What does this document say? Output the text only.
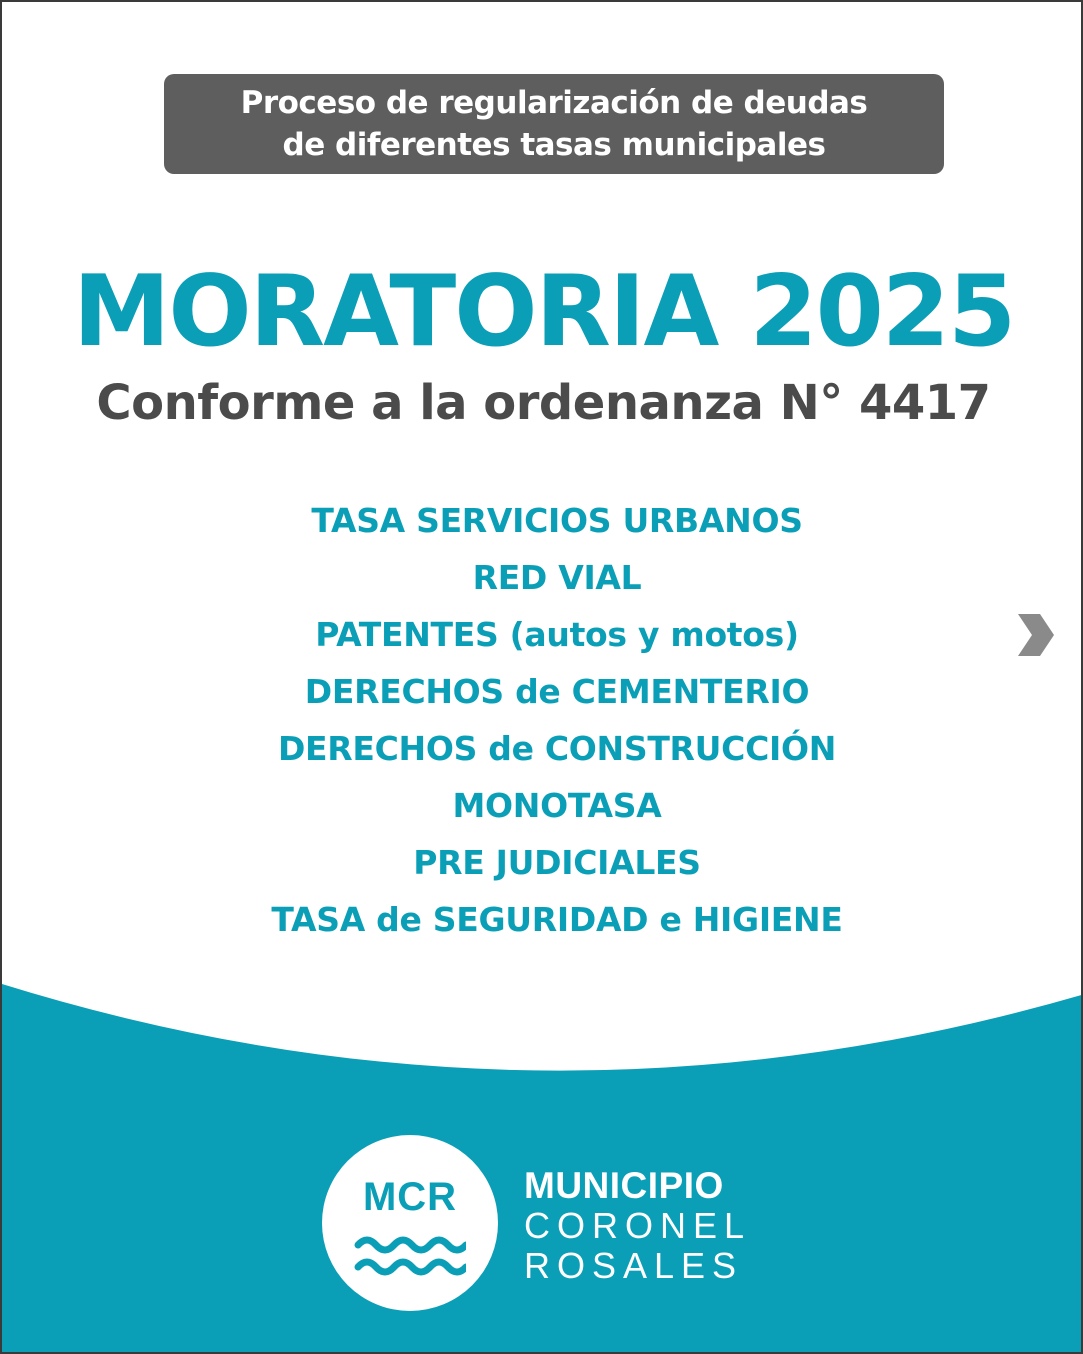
Proceso de regularización de deudas
de diferentes tasas municipales
MORATORIA 2025
Conforme a la ordenanza N° 4417
TASA SERVICIOS URBANOS
RED VIAL
PATENTES (autos y motos)
DERECHOS de CEMENTERIO
DERECHOS de CONSTRUCCIÓN
MONOTASA
PRE JUDICIALES
TASA de SEGURIDAD e HIGIENE
MCR	MUNICIPIO
CORONEL
ROSALES
